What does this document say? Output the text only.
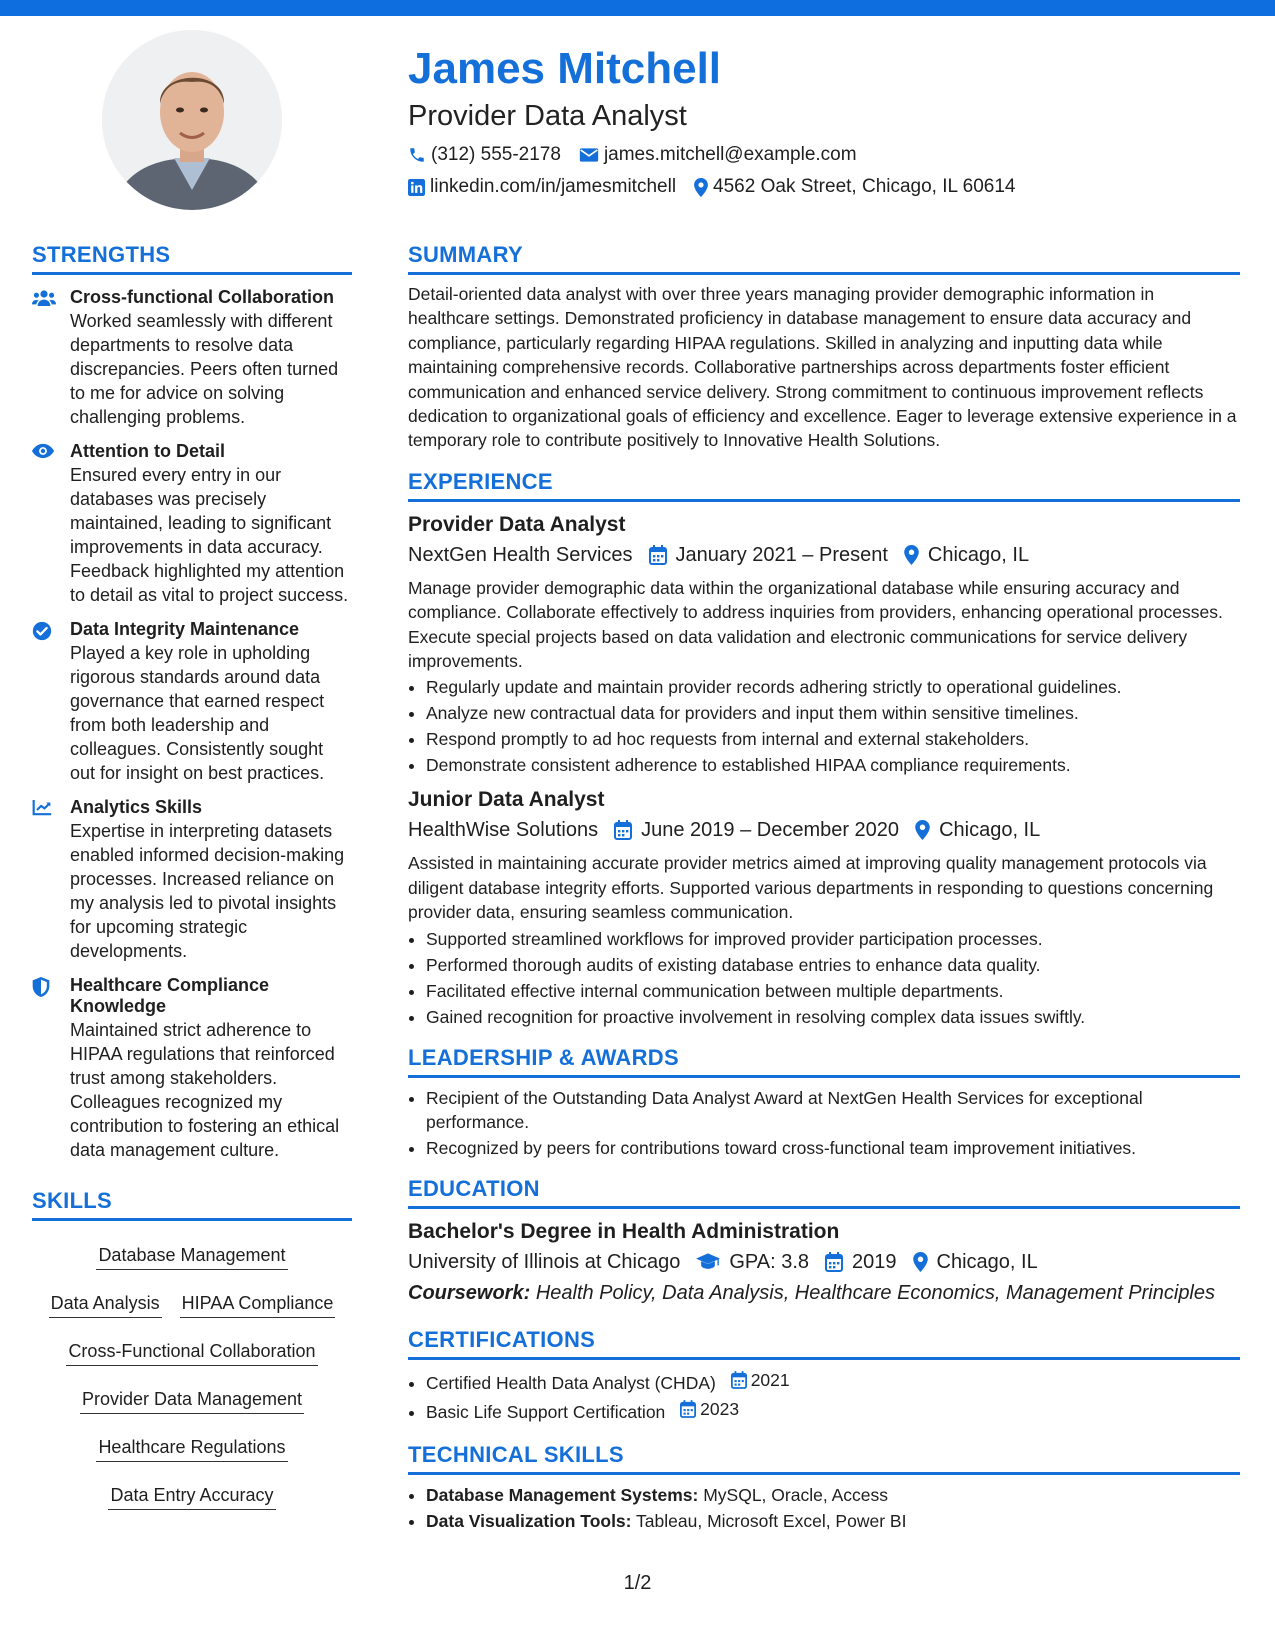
James Mitchell
Provider Data Analyst
(312) 555-2178 james.mitchell@example.com
linkedin.com/in/jamesmitchell 4562 Oak Street, Chicago, IL 60614
STRENGTHS
Cross-functional Collaboration
Worked seamlessly with different departments to resolve data discrepancies. Peers often turned to me for advice on solving challenging problems.
Attention to Detail
Ensured every entry in our databases was precisely maintained, leading to significant improvements in data accuracy. Feedback highlighted my attention to detail as vital to project success.
Data Integrity Maintenance
Played a key role in upholding rigorous standards around data governance that earned respect from both leadership and colleagues. Consistently sought out for insight on best practices.
Analytics Skills
Expertise in interpreting datasets enabled informed decision-making processes. Increased reliance on my analysis led to pivotal insights for upcoming strategic developments.
Healthcare Compliance Knowledge
Maintained strict adherence to HIPAA regulations that reinforced trust among stakeholders. Colleagues recognized my contribution to fostering an ethical data management culture.
SKILLS
Database Management
Data Analysis HIPAA Compliance
Cross-Functional Collaboration
Provider Data Management
Healthcare Regulations
Data Entry Accuracy
SUMMARY
Detail-oriented data analyst with over three years managing provider demographic information in healthcare settings. Demonstrated proficiency in database management to ensure data accuracy and compliance, particularly regarding HIPAA regulations. Skilled in analyzing and inputting data while maintaining comprehensive records. Collaborative partnerships across departments foster efficient communication and enhanced service delivery. Strong commitment to continuous improvement reflects dedication to organizational goals of efficiency and excellence. Eager to leverage extensive experience in a temporary role to contribute positively to Innovative Health Solutions.
EXPERIENCE
Provider Data Analyst
NextGen Health Services January 2021 – Present Chicago, IL
Manage provider demographic data within the organizational database while ensuring accuracy and compliance. Collaborate effectively to address inquiries from providers, enhancing operational processes. Execute special projects based on data validation and electronic communications for service delivery improvements.
• Regularly update and maintain provider records adhering strictly to operational guidelines.
• Analyze new contractual data for providers and input them within sensitive timelines.
• Respond promptly to ad hoc requests from internal and external stakeholders.
• Demonstrate consistent adherence to established HIPAA compliance requirements.
Junior Data Analyst
HealthWise Solutions June 2019 – December 2020 Chicago, IL
Assisted in maintaining accurate provider metrics aimed at improving quality management protocols via diligent database integrity efforts. Supported various departments in responding to questions concerning provider data, ensuring seamless communication.
• Supported streamlined workflows for improved provider participation processes.
• Performed thorough audits of existing database entries to enhance data quality.
• Facilitated effective internal communication between multiple departments.
• Gained recognition for proactive involvement in resolving complex data issues swiftly.
LEADERSHIP & AWARDS
• Recipient of the Outstanding Data Analyst Award at NextGen Health Services for exceptional performance.
• Recognized by peers for contributions toward cross-functional team improvement initiatives.
EDUCATION
Bachelor's Degree in Health Administration
University of Illinois at Chicago GPA: 3.8 2019 Chicago, IL
Coursework: Health Policy, Data Analysis, Healthcare Economics, Management Principles
CERTIFICATIONS
• Certified Health Data Analyst (CHDA) 2021
• Basic Life Support Certification 2023
TECHNICAL SKILLS
• Database Management Systems: MySQL, Oracle, Access
• Data Visualization Tools: Tableau, Microsoft Excel, Power BI
1/2
